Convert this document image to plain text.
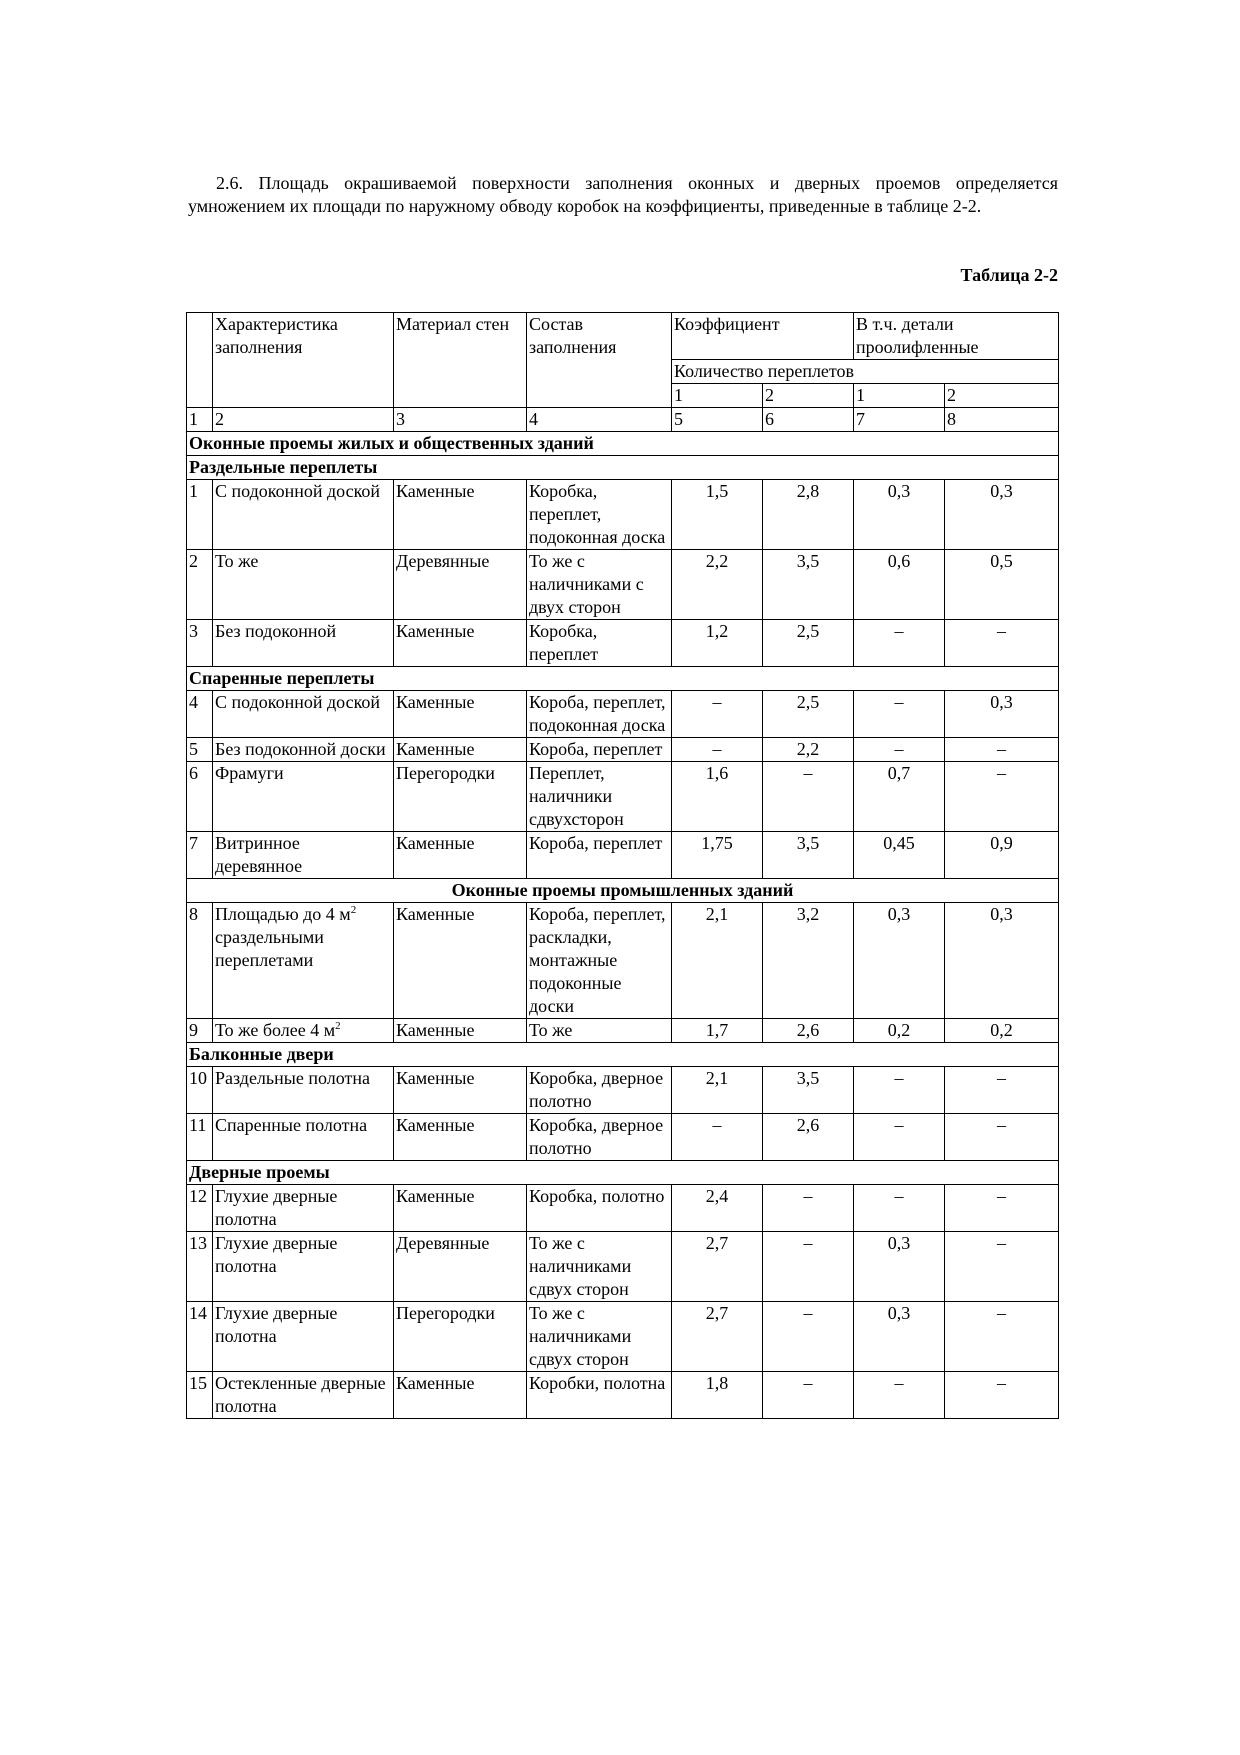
2.6. Площадь окрашиваемой поверхности заполнения оконных и дверных проемов определяется умножением их площади по наружному обводу коробок на коэффициенты, приведенные в таблице 2-2.

Таблица 2-2

	Характеристика заполнения	Материал стен	Состав заполнения	Коэффициент		В т.ч. детали проолифленные	
				Количество переплетов			
				1	2	1	2
1	2	3	4	5	6	7	8
Оконные проемы жилых и общественных зданий							
Раздельные переплеты							
1	С подоконной доской	Каменные	Коробка, переплет, подоконная доска	1,5	2,8	0,3	0,3
2	То же	Деревянные	То же с наличниками с двух сторон	2,2	3,5	0,6	0,5
3	Без подоконной	Каменные	Коробка, переплет	1,2	2,5	–	–
Спаренные переплеты							
4	С подоконной доской	Каменные	Короба, переплет, подоконная доска	–	2,5	–	0,3
5	Без подоконной доски	Каменные	Короба, переплет	–	2,2	–	–
6	Фрамуги	Перегородки	Переплет, наличники сдвухсторон	1,6	–	0,7	–
7	Витринное деревянное	Каменные	Короба, переплет	1,75	3,5	0,45	0,9
Оконные проемы промышленных зданий							
8	Площадью до 4 $м^2$ сраздельными переплетами	Каменные	Короба, переплет, раскладки, монтажные подоконные доски	2,1	3,2	0,3	0,3
9	То же более 4 $м^2$	Каменные	То же	1,7	2,6	0,2	0,2
Балконные двери							
10	Раздельные полотна	Каменные	Коробка, дверное полотно	2,1	3,5	–	–
11	Спаренные полотна	Каменные	Коробка, дверное полотно	–	2,6	–	–
Дверные проемы							
12	Глухие дверные полотна	Каменные	Коробка, полотно	2,4	–	–	–
13	Глухие дверные полотна	Деревянные	То же с наличниками сдвух сторон	2,7	–	0,3	–
14	Глухие дверные полотна	Перегородки	То же с наличниками сдвух сторон	2,7	–	0,3	–
15	Остекленные дверные полотна	Каменные	Коробки, полотна	1,8	–	–	–
